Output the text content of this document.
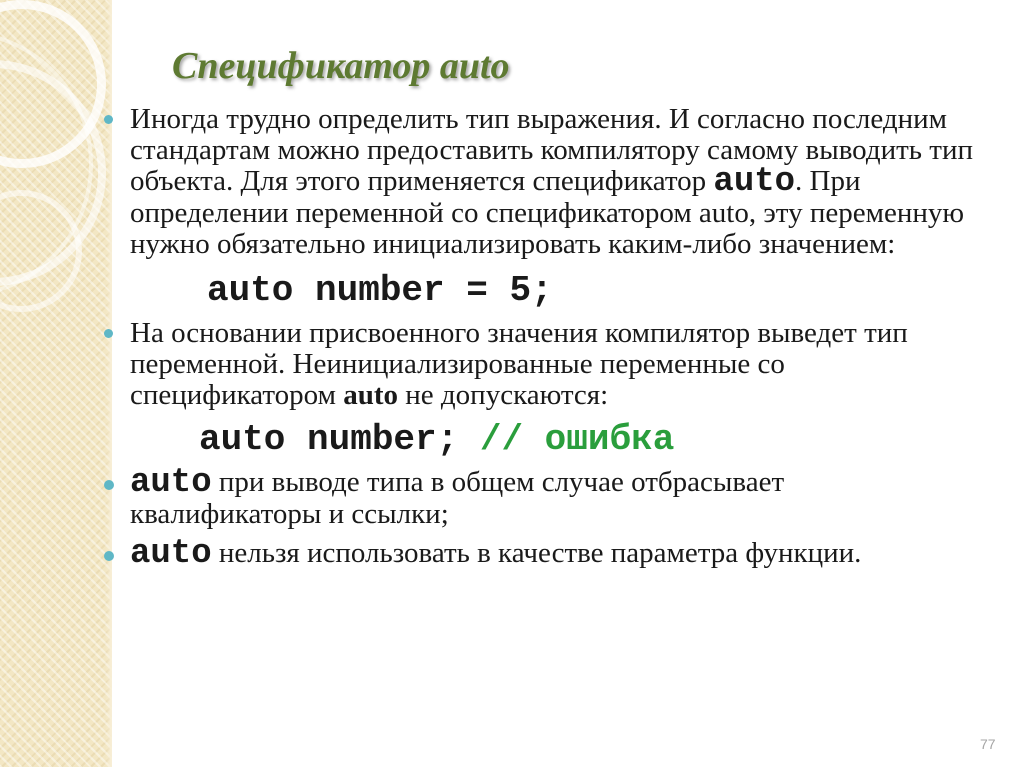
Спецификатор auto
Иногда трудно определить тип выражения. И согласно последним стандартам можно предоставить компилятору самому выводить тип объекта. Для этого применяется спецификатор auto. При определении переменной со спецификатором auto, эту переменную нужно обязательно инициализировать каким-либо значением:
auto number = 5;
На основании присвоенного значения компилятор выведет тип переменной. Неинициализированные переменные со спецификатором auto не допускаются:
auto number; // ошибка
auto при выводе типа в общем случае отбрасывает квалификаторы и ссылки;
auto нельзя использовать в качестве параметра функции.
77
